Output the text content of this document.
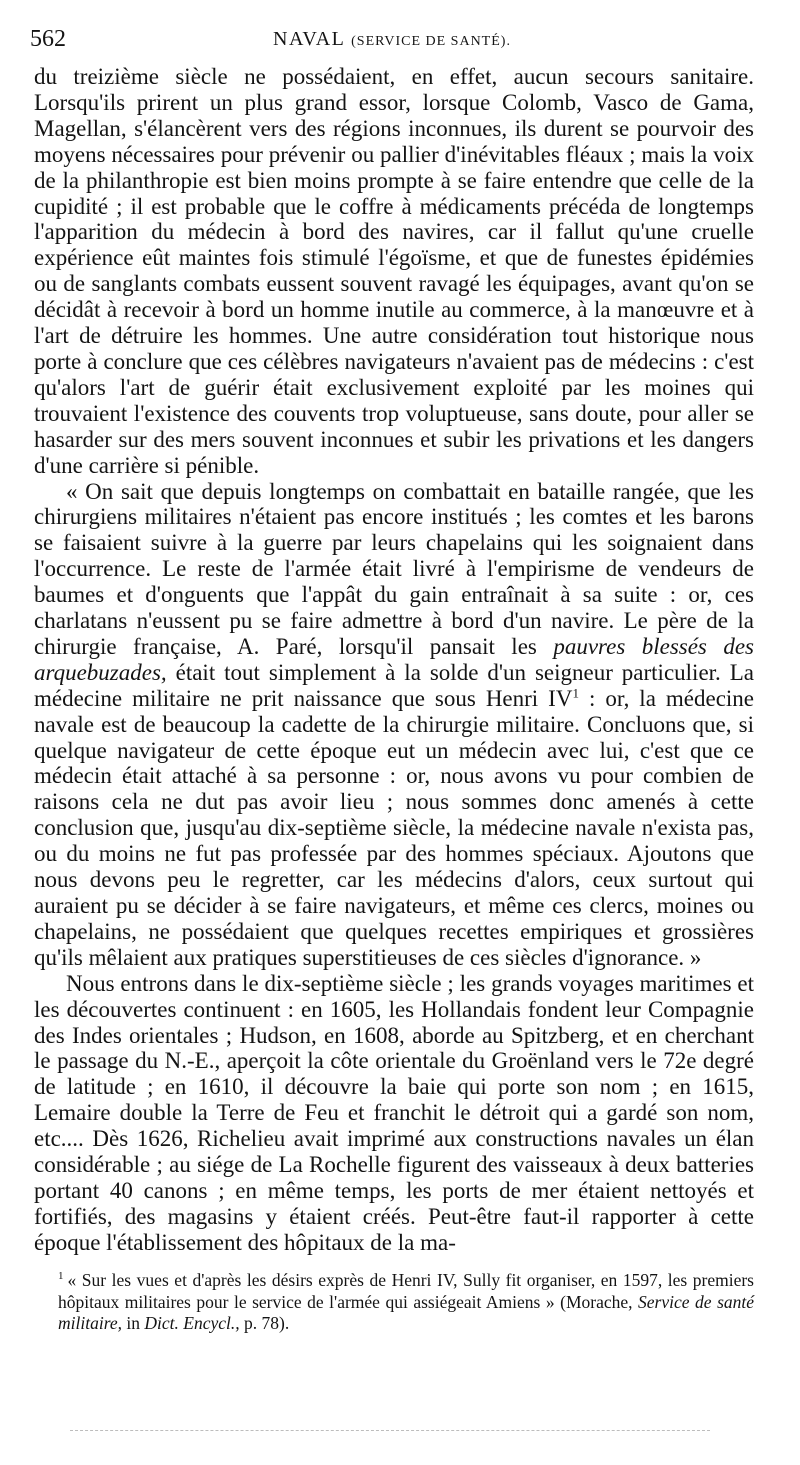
562	NAVAL (SERVICE DE SANTÉ).

du treizième siècle ne possédaient, en effet, aucun secours sanitaire. Lorsqu'ils prirent un plus grand essor, lorsque Colomb, Vasco de Gama, Magellan, s'élancèrent vers des régions inconnues, ils durent se pourvoir des moyens nécessaires pour prévenir ou pallier d'inévitables fléaux ; mais la voix de la philanthropie est bien moins prompte à se faire entendre que celle de la cupidité ; il est probable que le coffre à médicaments précéda de longtemps l'apparition du médecin à bord des navires, car il fallut qu'une cruelle expérience eût maintes fois stimulé l'égoïsme, et que de funestes épidémies ou de sanglants combats eussent souvent ravagé les équipages, avant qu'on se décidât à recevoir à bord un homme inutile au commerce, à la manœuvre et à l'art de détruire les hommes. Une autre considération tout historique nous porte à conclure que ces célèbres navigateurs n'avaient pas de médecins : c'est qu'alors l'art de guérir était exclusivement exploité par les moines qui trouvaient l'existence des couvents trop voluptueuse, sans doute, pour aller se hasarder sur des mers souvent inconnues et subir les privations et les dangers d'une carrière si pénible.

« On sait que depuis longtemps on combattait en bataille rangée, que les chirurgiens militaires n'étaient pas encore institués ; les comtes et les barons se faisaient suivre à la guerre par leurs chapelains qui les soignaient dans l'occurrence. Le reste de l'armée était livré à l'empirisme de vendeurs de baumes et d'onguents que l'appât du gain entraînait à sa suite : or, ces charlatans n'eussent pu se faire admettre à bord d'un navire. Le père de la chirurgie française, A. Paré, lorsqu'il pansait les pauvres blessés des arquebuzades, était tout simplement à la solde d'un seigneur particulier. La médecine militaire ne prit naissance que sous Henri $IV^1$ : or, la médecine navale est de beaucoup la cadette de la chirurgie militaire. Concluons que, si quelque navigateur de cette époque eut un médecin avec lui, c'est que ce médecin était attaché à sa personne : or, nous avons vu pour combien de raisons cela ne dut pas avoir lieu ; nous sommes donc amenés à cette conclusion que, jusqu'au dix-septième siècle, la médecine navale n'exista pas, ou du moins ne fut pas professée par des hommes spéciaux. Ajoutons que nous devons peu le regretter, car les médecins d'alors, ceux surtout qui auraient pu se décider à se faire navigateurs, et même ces clercs, moines ou chapelains, ne possédaient que quelques recettes empiriques et grossières qu'ils mêlaient aux pratiques superstitieuses de ces siècles d'ignorance. »

Nous entrons dans le dix-septième siècle ; les grands voyages maritimes et les découvertes continuent : en 1605, les Hollandais fondent leur Compagnie des Indes orientales ; Hudson, en 1608, aborde au Spitzberg, et en cherchant le passage du N.-E., aperçoit la côte orientale du Groënland vers le 72e degré de latitude ; en 1610, il découvre la baie qui porte son nom ; en 1615, Lemaire double la Terre de Feu et franchit le détroit qui a gardé son nom, etc.... Dès 1626, Richelieu avait imprimé aux constructions navales un élan considérable ; au siége de La Rochelle figurent des vaisseaux à deux batteries portant 40 canons ; en même temps, les ports de mer étaient nettoyés et fortifiés, des magasins y étaient créés. Peut-être faut-il rapporter à cette époque l'établissement des hôpitaux de la ma-

$^1$ « Sur les vues et d'après les désirs exprès de Henri IV, Sully fit organiser, en 1597, les premiers hôpitaux militaires pour le service de l'armée qui assiégeait Amiens » (Morache, Service de santé militaire, in Dict. Encycl., p. 78).
